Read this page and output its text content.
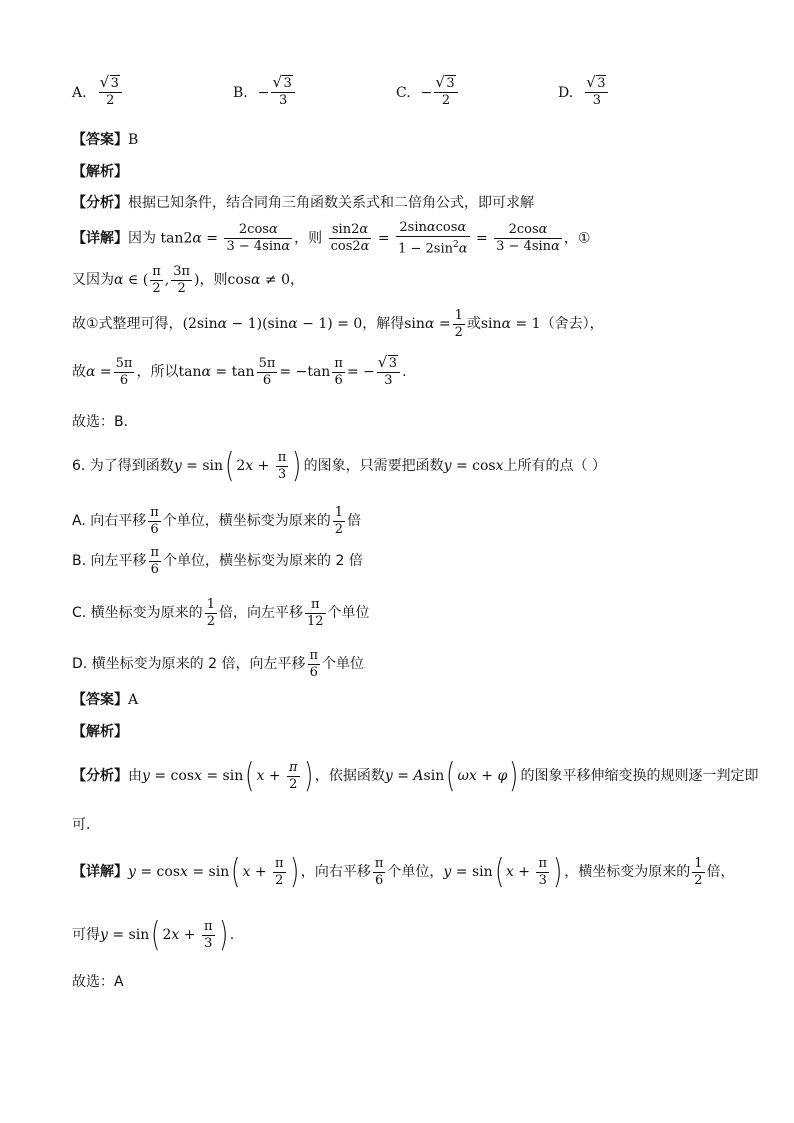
A. √ $\frac{3}{2}$	B. − √ $\frac{3}{3}$	C. − √ $\frac{3}{2}$	D. √ $\frac{3}{3}$
【答案】B
【解析】
【分析】根据已知条件，结合同角三角函数关系式和二倍角公式，即可求解
【详解】因为 $\tan 2\alpha = \frac{2\cos\alpha}{3 - 4\sin\alpha}$ ，则 $\frac{\sin 2\alpha}{\cos 2\alpha} = \frac{2\sin\alpha\cos\alpha}{1 - 2\sin^2\alpha} = \frac{2\cos\alpha}{3 - 4\sin\alpha}$ ，①
又因为α ∈ ( $\frac{\pi}{2}$ , $\frac{3\pi}{2}$ )，则cosα ≠ 0，
故①式整理可得，(2sinα − 1)(sinα − 1) = 0，解得$\sin\alpha = \frac{1}{2}$ 或sinα = 1（舍去），
故$\alpha = \frac{5\pi}{6}$ ，所以$\tan\alpha = \tan \frac{5\pi}{6} = -\tan \frac{\pi}{6}$ = − √ $\frac{3}{3}$ .
故选：B．
6. 为了得到函数y = sin( $2x + \frac{\pi}{3}$ ) 的图象，只需要把函数y = cosx上所有的点（ ）
A. 向右平移 $\frac{\pi}{6}$ 个单位，横坐标变为原来的 $\frac{1}{2}$ 倍
B. 向左平移 $\frac{\pi}{6}$ 个单位，横坐标变为原来的 2 倍
C. 横坐标变为原来的 $\frac{1}{2}$ 倍，向左平移 $\frac{\pi}{12}$ 个单位
D. 横坐标变为原来的 2 倍，向左平移 $\frac{\pi}{6}$ 个单位
【答案】A
【解析】
【分析】由y = cosx = sin( $x + \frac{\pi}{2}$ ) ，依据函数y = Asin( ωx + φ) 的图象平移伸缩变换的规则逐一判定即
可.
【详解】y = cosx = sin( $x + \frac{\pi}{2}$ ) ，向右平移 $\frac{\pi}{6}$ 个单位，y = sin( $x + \frac{\pi}{3}$ ) ，横坐标变为原来的 $\frac{1}{2}$ 倍，
可得y = sin( $2x + \frac{\pi}{3}$ ) .
故选：A
